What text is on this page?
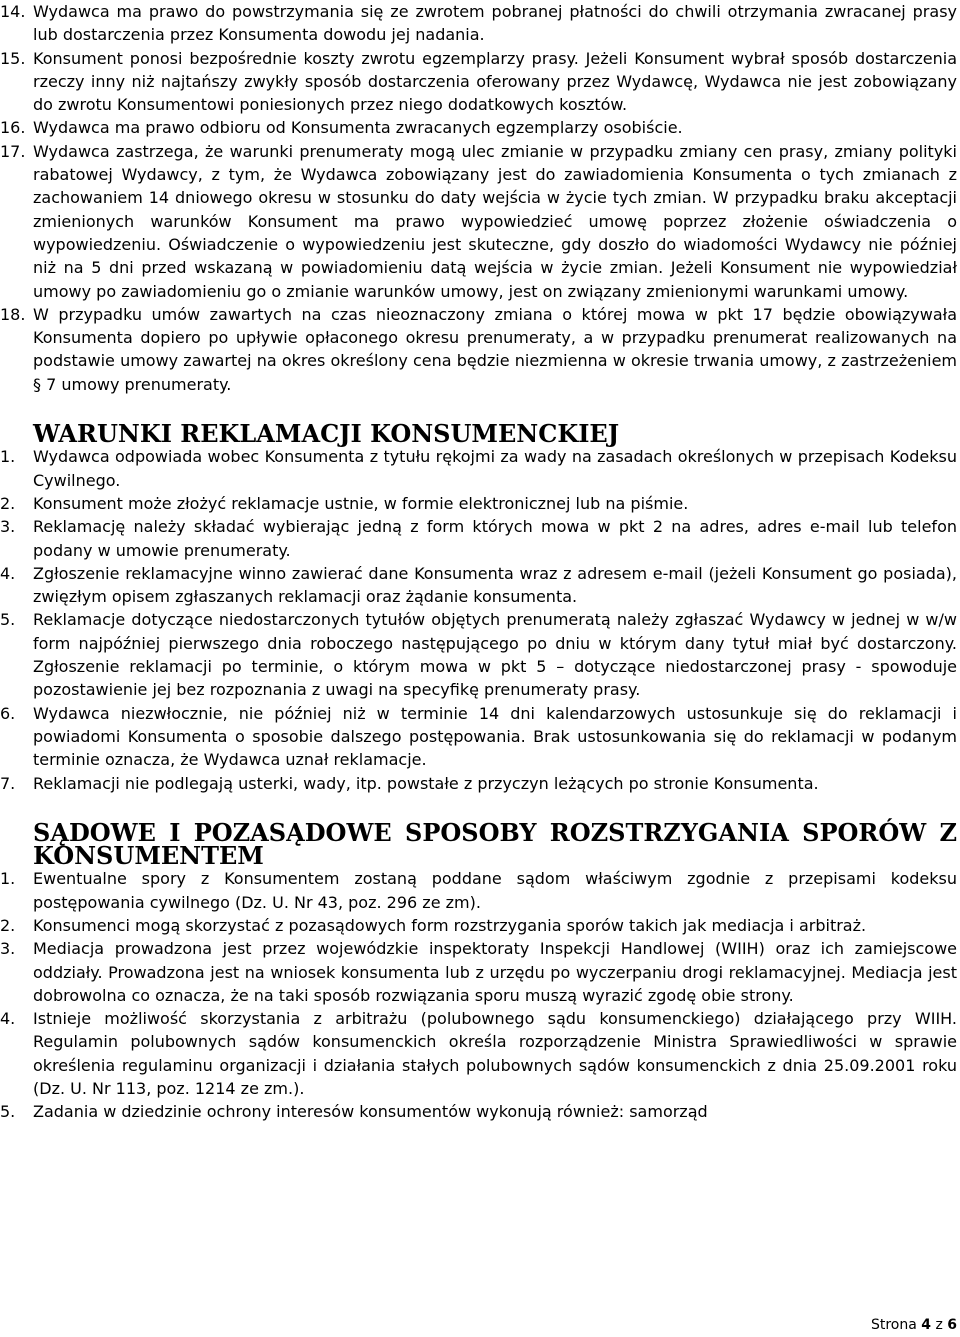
14. Wydawca ma prawo do powstrzymania się ze zwrotem pobranej płatności do chwili otrzymania zwracanej prasy lub dostarczenia przez Konsumenta dowodu jej nadania.
15. Konsument ponosi bezpośrednie koszty zwrotu egzemplarzy prasy. Jeżeli Konsument wybrał sposób dostarczenia rzeczy inny niż najtańszy zwykły sposób dostarczenia oferowany przez Wydawcę, Wydawca nie jest zobowiązany do zwrotu Konsumentowi poniesionych przez niego dodatkowych kosztów.
16. Wydawca ma prawo odbioru od Konsumenta zwracanych egzemplarzy osobiście.
17. Wydawca zastrzega, że warunki prenumeraty mogą ulec zmianie w przypadku zmiany cen prasy, zmiany polityki rabatowej Wydawcy, z tym, że Wydawca zobowiązany jest do zawiadomienia Konsumenta o tych zmianach z zachowaniem 14 dniowego okresu w stosunku do daty wejścia w życie tych zmian. W przypadku braku akceptacji zmienionych warunków Konsument ma prawo wypowiedzieć umowę poprzez złożenie oświadczenia o wypowiedzeniu. Oświadczenie o wypowiedzeniu jest skuteczne, gdy doszło do wiadomości Wydawcy nie później niż na 5 dni przed wskazaną w powiadomieniu datą wejścia w życie zmian. Jeżeli Konsument nie wypowiedział umowy po zawiadomieniu go o zmianie warunków umowy, jest on związany zmienionymi warunkami umowy.
18. W przypadku umów zawartych na czas nieoznaczony zmiana o której mowa w pkt 17 będzie obowiązywała Konsumenta dopiero po upływie opłaconego okresu prenumeraty, a w przypadku prenumerat realizowanych na podstawie umowy zawartej na okres określony cena będzie niezmienna w okresie trwania umowy, z zastrzeżeniem § 7 umowy prenumeraty.
WARUNKI REKLAMACJI KONSUMENCKIEJ
1. Wydawca odpowiada wobec Konsumenta z tytułu rękojmi za wady na zasadach określonych w przepisach Kodeksu Cywilnego.
2. Konsument może złożyć reklamacje ustnie, w formie elektronicznej lub na piśmie.
3. Reklamację należy składać wybierając jedną z form których mowa w pkt 2 na adres, adres e-mail lub telefon podany w umowie prenumeraty.
4. Zgłoszenie reklamacyjne winno zawierać dane Konsumenta wraz z adresem e-mail (jeżeli Konsument go posiada), zwięzłym opisem zgłaszanych reklamacji oraz żądanie konsumenta.
5. Reklamacje dotyczące niedostarczonych tytułów objętych prenumeratą należy zgłaszać Wydawcy w jednej w w/w form najpóźniej pierwszego dnia roboczego następującego po dniu w którym dany tytuł miał być dostarczony. Zgłoszenie reklamacji po terminie, o którym mowa w pkt 5 – dotyczące niedostarczonej prasy - spowoduje pozostawienie jej bez rozpoznania z uwagi na specyfikę prenumeraty prasy.
6. Wydawca niezwłocznie, nie później niż w terminie 14 dni kalendarzowych ustosunkuje się do reklamacji i powiadomi Konsumenta o sposobie dalszego postępowania. Brak ustosunkowania się do reklamacji w podanym terminie oznacza, że Wydawca uznał reklamacje.
7. Reklamacji nie podlegają usterki, wady, itp. powstałe z przyczyn leżących po stronie Konsumenta.
SĄDOWE I POZASĄDOWE SPOSOBY ROZSTRZYGANIA SPORÓW Z KONSUMENTEM
1. Ewentualne spory z Konsumentem zostaną poddane sądom właściwym zgodnie z przepisami kodeksu postępowania cywilnego (Dz. U. Nr 43, poz. 296 ze zm).
2. Konsumenci mogą skorzystać z pozasądowych form rozstrzygania sporów takich jak mediacja i arbitraż.
3. Mediacja prowadzona jest przez wojewódzkie inspektoraty Inspekcji Handlowej (WIIH) oraz ich zamiejscowe oddziały. Prowadzona jest na wniosek konsumenta lub z urzędu po wyczerpaniu drogi reklamacyjnej. Mediacja jest dobrowolna co oznacza, że na taki sposób rozwiązania sporu muszą wyrazić zgodę obie strony.
4. Istnieje możliwość skorzystania z arbitrażu (polubownego sądu konsumenckiego) działającego przy WIIH. Regulamin polubownych sądów konsumenckich określa rozporządzenie Ministra Sprawiedliwości w sprawie określenia regulaminu organizacji i działania stałych polubownych sądów konsumenckich z dnia 25.09.2001 roku (Dz. U. Nr 113, poz. 1214 ze zm.).
5. Zadania w dziedzinie ochrony interesów konsumentów wykonują również: samorząd
Strona 4 z 6
